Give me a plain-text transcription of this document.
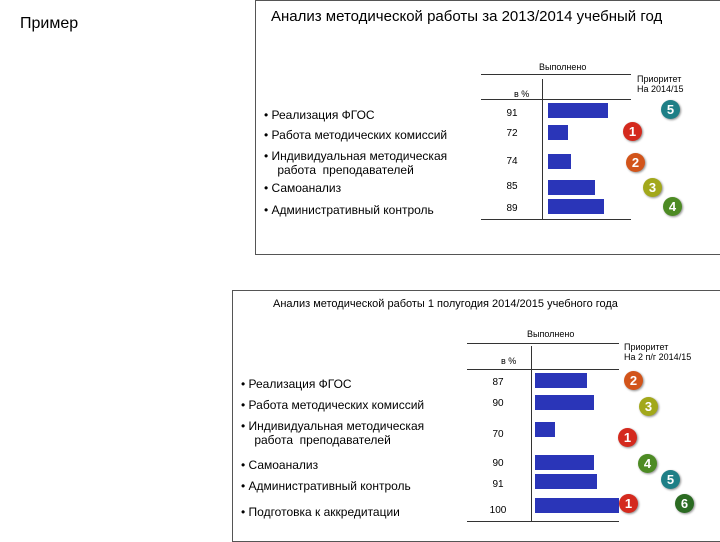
Пример	Анализ методической работы за 2013/2014 учебный год
Выполнено
Приоритет
На 2014/15
в %
• Реализация ФГОС	91	5
• Работа методических комиссий	72	1
• Индивидуальная методическая
работа  преподавателей
74	2
• Самоанализ	85	3
• Административный контроль	89	4
Анализ методической работы 1 полугодия 2014/2015 учебного года
Выполнено
Приоритет
На 2 п/г 2014/15
в %
• Реализация ФГОС	87	2
• Работа методических комиссий	90	3
• Индивидуальная методическая
работа  преподавателей	70	1
• Самоанализ	90	4
• Административный контроль	91	5
• Подготовка к аккредитации	100	1	6
